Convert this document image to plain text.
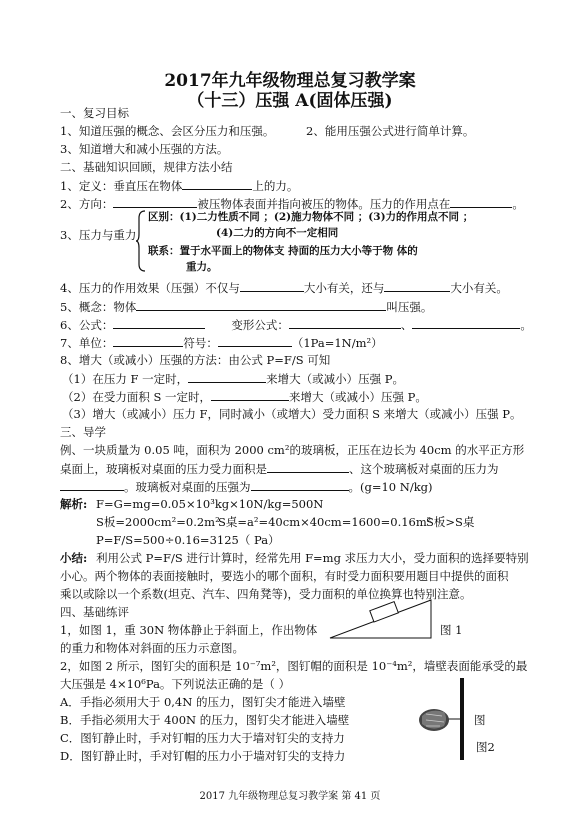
2017年九年级物理总复习教学案
（十三）压强 A(固体压强)
一、复习目标
1、知道压强的概念、会区分压力和压强。	2、能用压强公式进行简单计算。
3、知道增大和减小压强的方法。
二、基础知识回顾，规律方法小结
1、定义：垂直压在物体	上的力。
2、方向：	被压物体表面并指向被压的物体。压力的作用点在	。
3、压力与重力
区别：(1)二力性质不同 ；(2)施力物体不同 ；(3)力的作用点不同 ；
(4)二力的方向不一定相同
联系：置于水平面上的物体支 持面的压力大小等于物 体的
重力。
4、压力的作用效果（压强）不仅与	大小有关，还与	大小有关。
5、概念：物体	叫压强。
6、公式：	变形公式：	、	。
7、单位：	符号：	（1Pa=1N/m²）
8、增大（或减小）压强的方法：由公式 P=F/S 可知
（1）在压力 F 一定时，	来增大（或减小）压强 P。
（2）在受力面积 S 一定时，	来增大（或减小）压强 P。
（3）增大（或减小）压力 F，同时减小（或增大）受力面积 S 来增大（或减小）压强 P。
三、导学
例、一块质量为 0.05 吨，面积为 2000 cm²的玻璃板，正压在边长为 40cm 的水平正方形
桌面上，玻璃板对桌面的压力受力面积是	、这个玻璃板对桌面的压力为
。玻璃板对桌面的压强为	。(g=10 N/kg)
解析: F=G=mg=0.05×10³kg×10N/kg=500N
S板=2000cm²=0.2m²
S桌=a²=40cm×40cm=1600=0.16m²
S板>S桌
P=F/S=500÷0.16=3125（ Pa）
小结: 利用公式 P=F/S 进行计算时，经常先用 F=mg 求压力大小，受力面积的选择要特别
小心。两个物体的表面接触时，要选小的哪个面积，有时受力面积要用题目中提供的面积
乘以或除以一个系数(坦克、汽车、四角凳等)，受力面积的单位换算也特别注意。
四、基础练评
1，如图 1，重 30N 物体静止于斜面上，作出物体	图 1
的重力和物体对斜面的压力示意图。
2，如图 2 所示，图钉尖的面积是 10⁻⁷m²，图钉帽的面积是 10⁻⁴m²，墙壁表面能承受的最
大压强是 4×10⁶Pa。下列说法正确的是（ ）
A．手指必须用大于 0,4N 的压力，图钉尖才能进入墙壁
B．手指必须用大于 400N 的压力，图钉尖才能进入墙壁	图
C．图钉静止时，手对钉帽的压力大于墙对钉尖的支持力
D．图钉静止时，手对钉帽的压力小于墙对钉尖的支持力
图2
2017 九年级物理总复习教学案 第 41 页
